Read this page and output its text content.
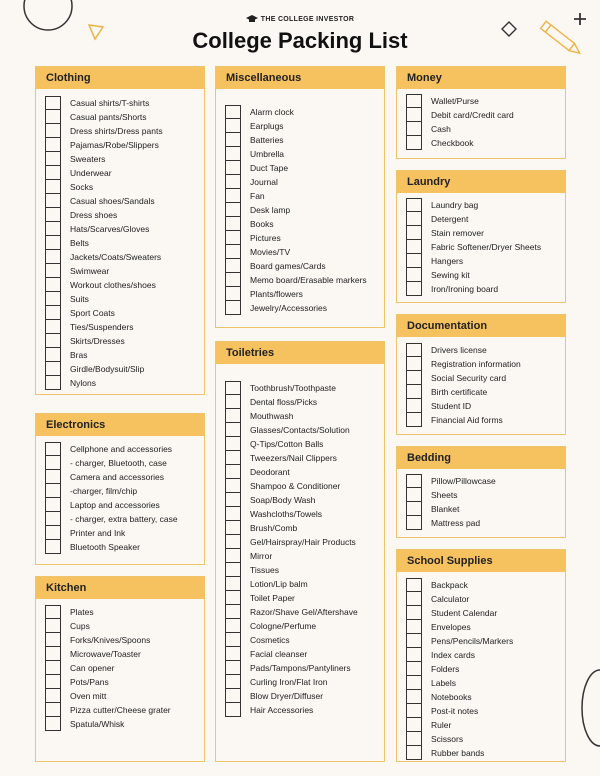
THE COLLEGE INVESTOR
College Packing List
Clothing
Casual shirts/T-shirts
Casual pants/Shorts
Dress shirts/Dress pants
Pajamas/Robe/Slippers
Sweaters
Underwear
Socks
Casual shoes/Sandals
Dress shoes
Hats/Scarves/Gloves
Belts
Jackets/Coats/Sweaters
Swimwear
Workout clothes/shoes
Suits
Sport Coats
Ties/Suspenders
Skirts/Dresses
Bras
Girdle/Bodysuit/Slip
Nylons
Electronics
Cellphone and accessories
- charger, Bluetooth, case
Camera and accessories
-charger, film/chip
Laptop and accessories
- charger, extra battery, case
Printer and Ink
Bluetooth Speaker
Kitchen
Plates
Cups
Forks/Knives/Spoons
Microwave/Toaster
Can opener
Pots/Pans
Oven mitt
Pizza cutter/Cheese grater
Spatula/Whisk
Miscellaneous
Alarm clock
Earplugs
Batteries
Umbrella
Duct Tape
Journal
Fan
Desk lamp
Books
Pictures
Movies/TV
Board games/Cards
Memo board/Erasable markers
Plants/flowers
Jewelry/Accessories
Toiletries
Toothbrush/Toothpaste
Dental floss/Picks
Mouthwash
Glasses/Contacts/Solution
Q-Tips/Cotton Balls
Tweezers/Nail Clippers
Deodorant
Shampoo & Conditioner
Soap/Body Wash
Washcloths/Towels
Brush/Comb
Gel/Hairspray/Hair Products
Mirror
Tissues
Lotion/Lip balm
Toilet Paper
Razor/Shave Gel/Aftershave
Cologne/Perfume
Cosmetics
Facial cleanser
Pads/Tampons/Pantyliners
Curling Iron/Flat Iron
Blow Dryer/Diffuser
Hair Accessories
Money
Wallet/Purse
Debit card/Credit card
Cash
Checkbook
Laundry
Laundry bag
Detergent
Stain remover
Fabric Softener/Dryer Sheets
Hangers
Sewing kit
Iron/Ironing board
Documentation
Drivers license
Registration information
Social Security card
Birth certificate
Student ID
Financial Aid forms
Bedding
Pillow/Pillowcase
Sheets
Blanket
Mattress pad
School Supplies
Backpack
Calculator
Student Calendar
Envelopes
Pens/Pencils/Markers
Index cards
Folders
Labels
Notebooks
Post-it notes
Ruler
Scissors
Rubber bands
